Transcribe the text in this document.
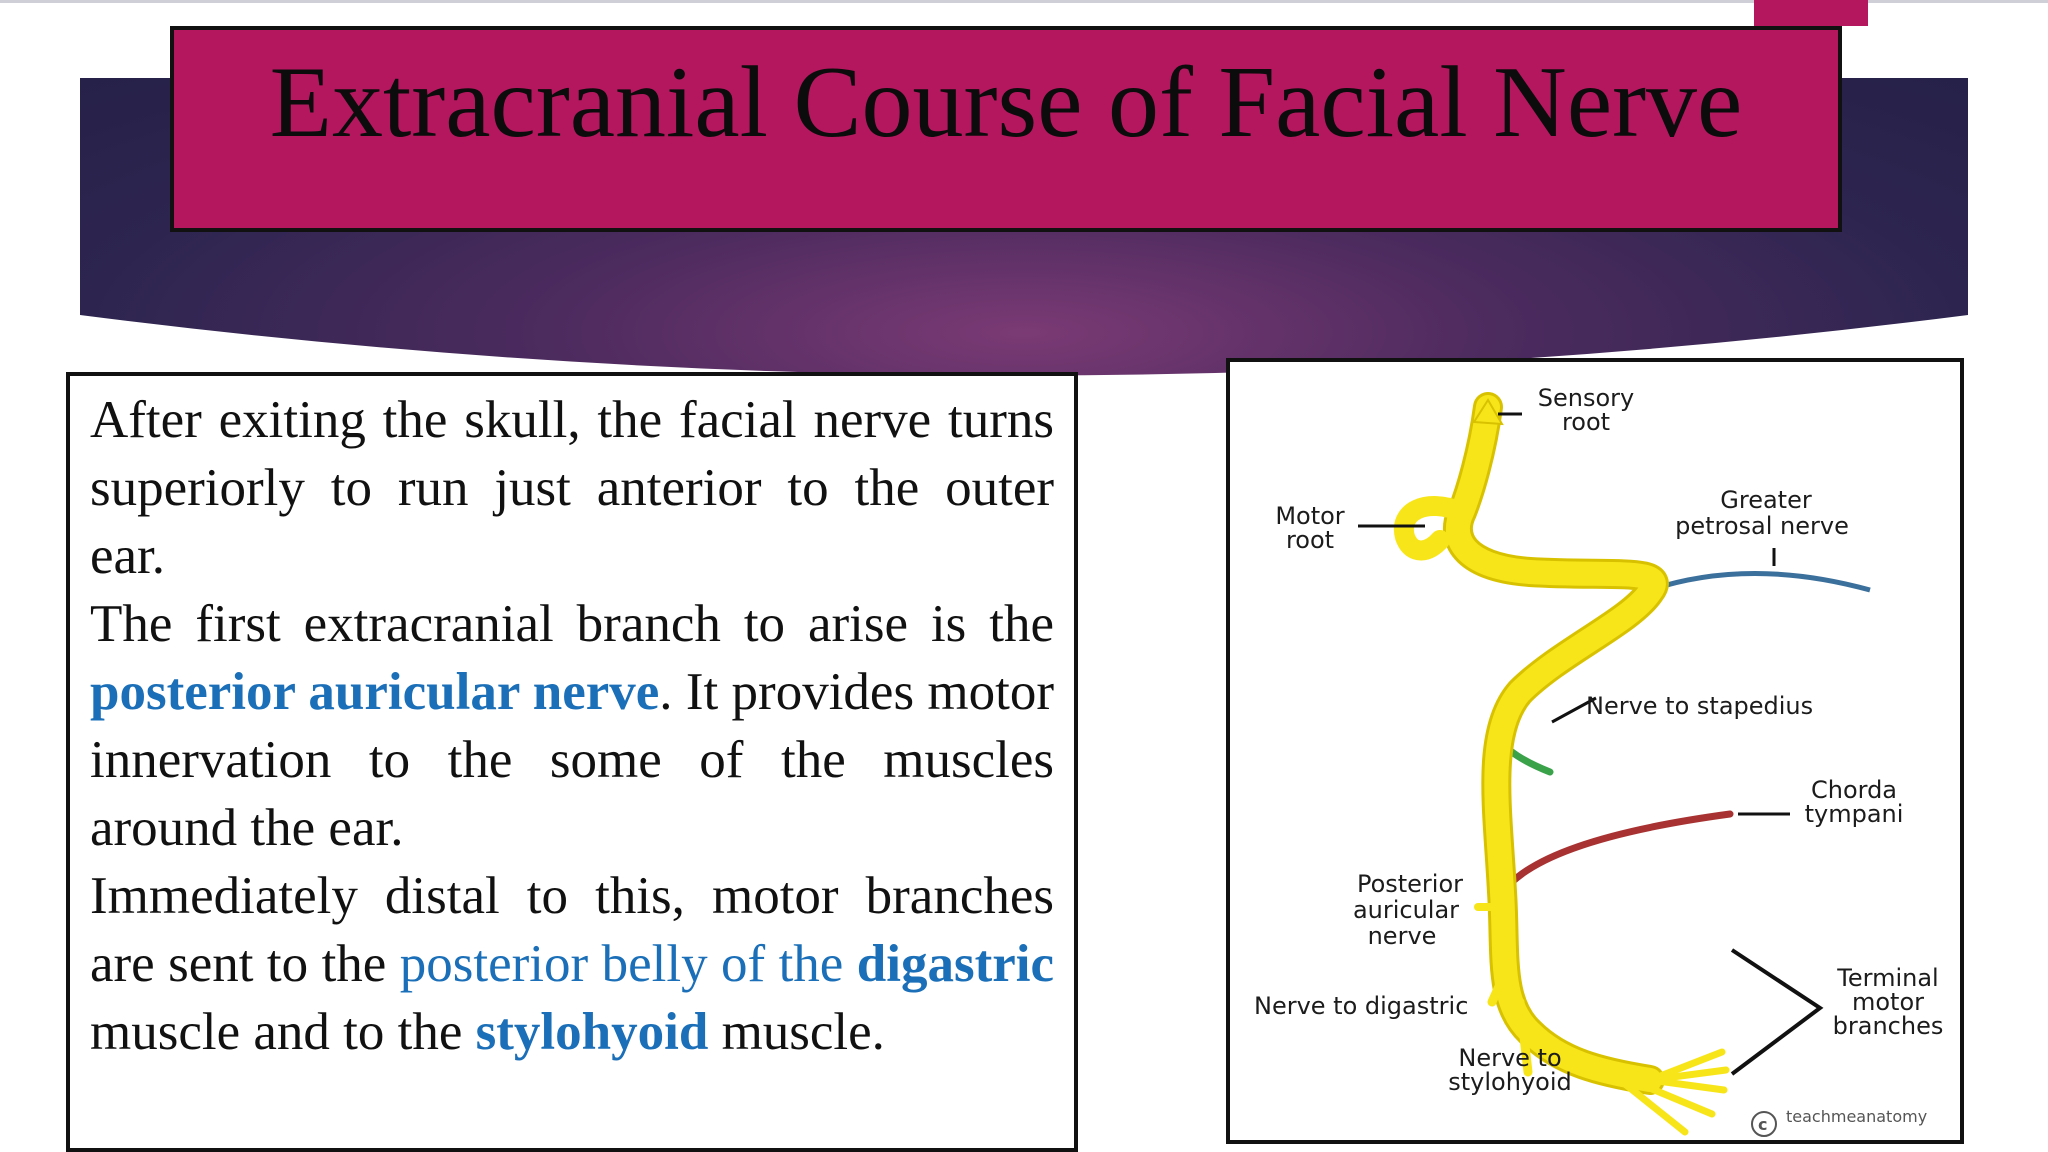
Extracranial Course of Facial Nerve

After exiting the skull, the facial nerve turns superiorly to run just anterior to the outer ear.

The first extracranial branch to arise is the posterior auricular nerve. It provides motor innervation to the some of the muscles around the ear.

Immediately distal to this, motor branches are sent to the posterior belly of the digastric muscle and to the stylohyoid muscle.

Sensory
root
Motor
root
Greater
petrosal nerve
Nerve to stapedius
Chorda
tympani
Posterior
auricular
nerve
Nerve to digastric
Nerve to
stylohyoid
Terminal
motor
branches
c teachmeanatomy
